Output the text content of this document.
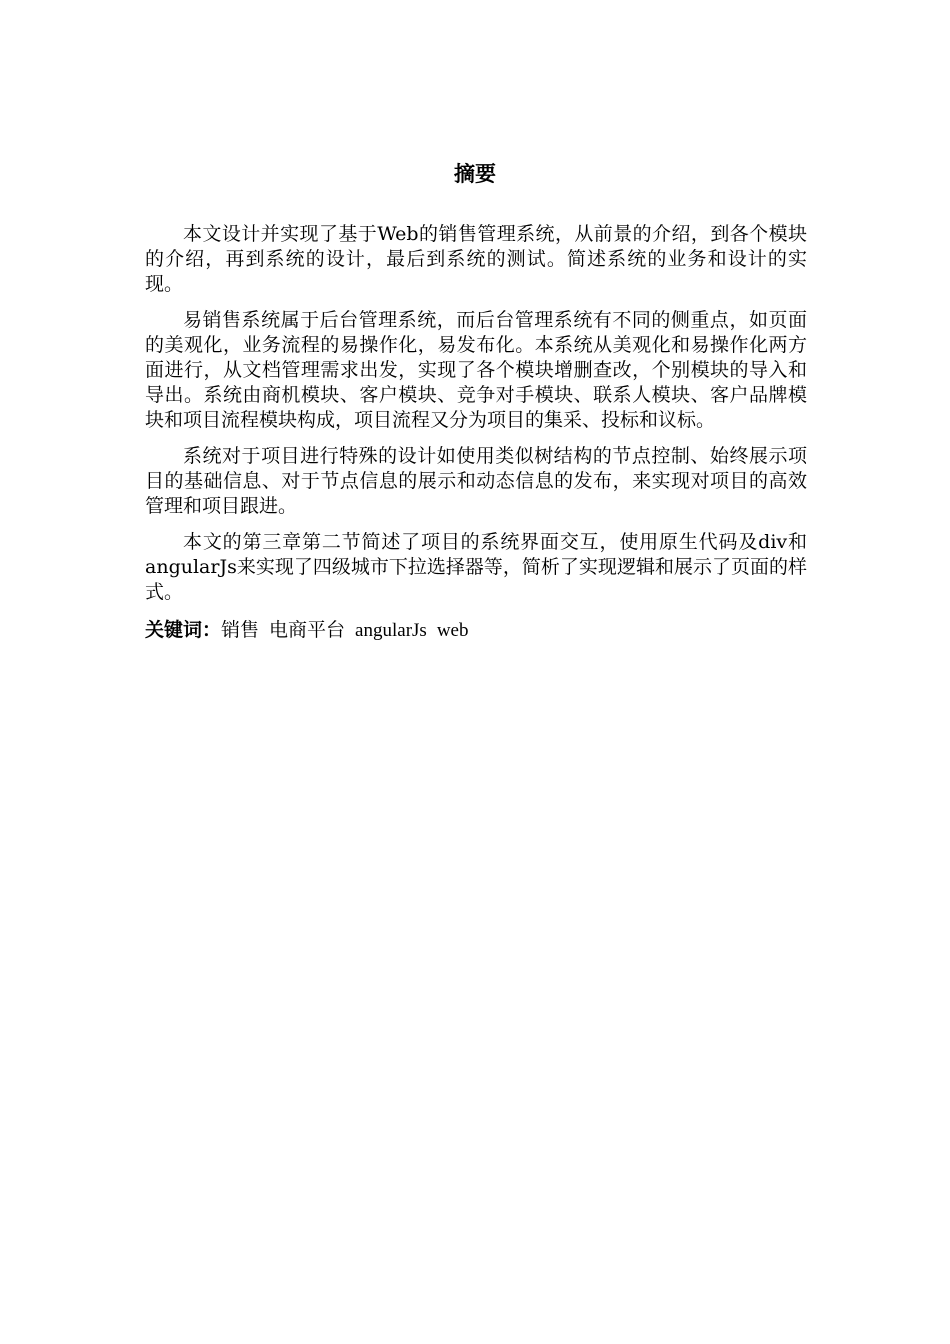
摘要

本文设计并实现了基于Web的销售管理系统，从前景的介绍，到各个模块的介绍，再到系统的设计，最后到系统的测试。简述系统的业务和设计的实现。

易销售系统属于后台管理系统，而后台管理系统有不同的侧重点，如页面的美观化，业务流程的易操作化，易发布化。本系统从美观化和易操作化两方面进行，从文档管理需求出发，实现了各个模块增删查改，个别模块的导入和导出。系统由商机模块、客户模块、竞争对手模块、联系人模块、客户品牌模块和项目流程模块构成，项目流程又分为项目的集采、投标和议标。

系统对于项目进行特殊的设计如使用类似树结构的节点控制、始终展示项目的基础信息、对于节点信息的展示和动态信息的发布，来实现对项目的高效管理和项目跟进。

本文的第三章第二节简述了项目的系统界面交互，使用原生代码及div和angularJs来实现了四级城市下拉选择器等，简析了实现逻辑和展示了页面的样式。

关键词：销售 电商平台 angularJs web
